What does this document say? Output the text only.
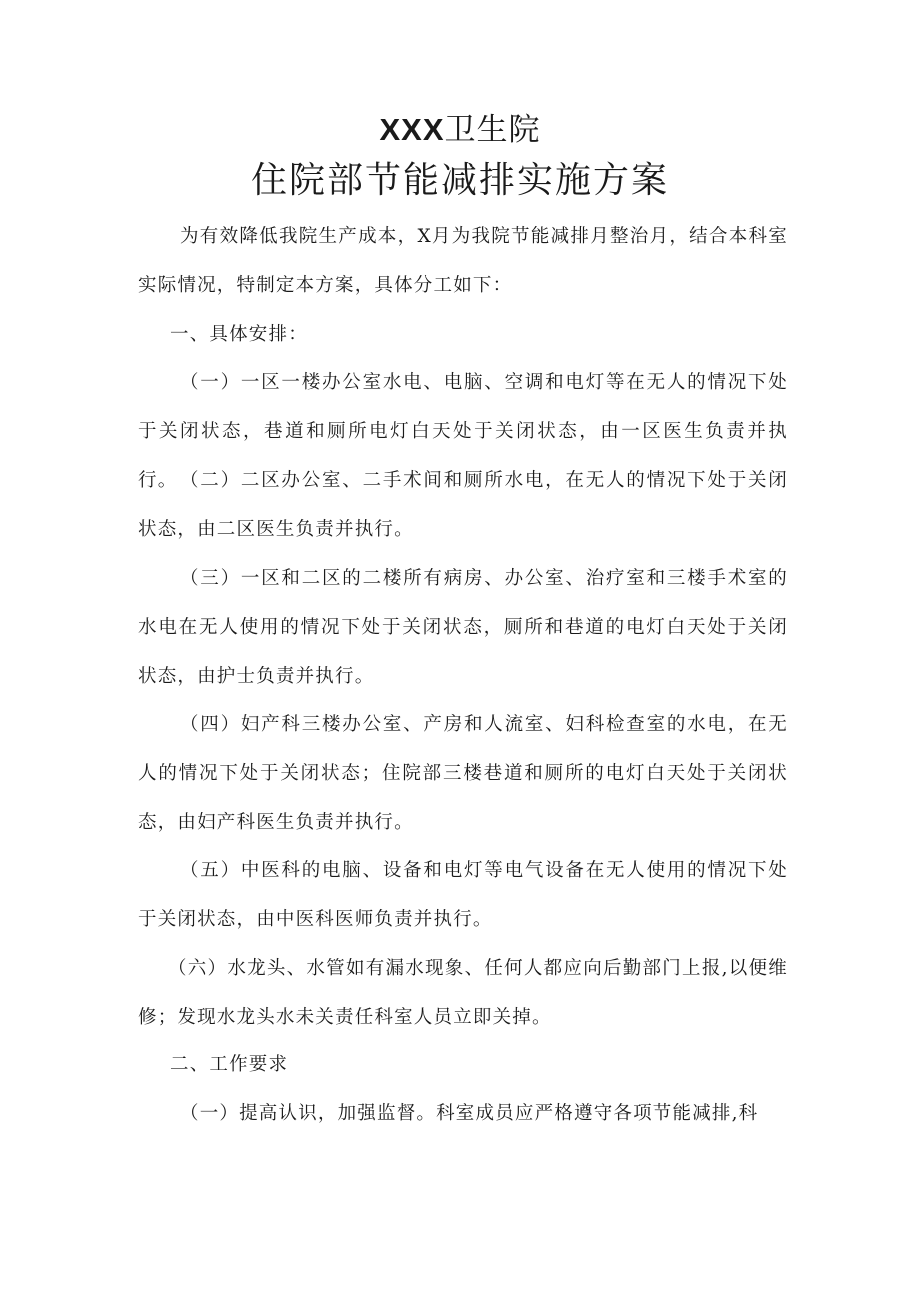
XXX卫生院
住院部节能减排实施方案
为有效降低我院生产成本，X月为我院节能减排月整治月，结合本科室实际情况，特制定本方案，具体分工如下：
一、具体安排：
（一）一区一楼办公室水电、电脑、空调和电灯等在无人的情况下处于关闭状态，巷道和厕所电灯白天处于关闭状态，由一区医生负责并执行。 （二）二区办公室、二手术间和厕所水电，在无人的情况下处于关闭状态，由二区医生负责并执行。
（三）一区和二区的二楼所有病房、办公室、治疗室和三楼手术室的水电在无人使用的情况下处于关闭状态，厕所和巷道的电灯白天处于关闭状态，由护士负责并执行。
（四）妇产科三楼办公室、产房和人流室、妇科检查室的水电，在无人的情况下处于关闭状态；住院部三楼巷道和厕所的电灯白天处于关闭状态，由妇产科医生负责并执行。
（五）中医科的电脑、设备和电灯等电气设备在无人使用的情况下处于关闭状态，由中医科医师负责并执行。
（六）水龙头、水管如有漏水现象、任何人都应向后勤部门上报,以便维修；发现水龙头水未关责任科室人员立即关掉。
二、工作要求
（一）提高认识，加强监督。科室成员应严格遵守各项节能减排,科
